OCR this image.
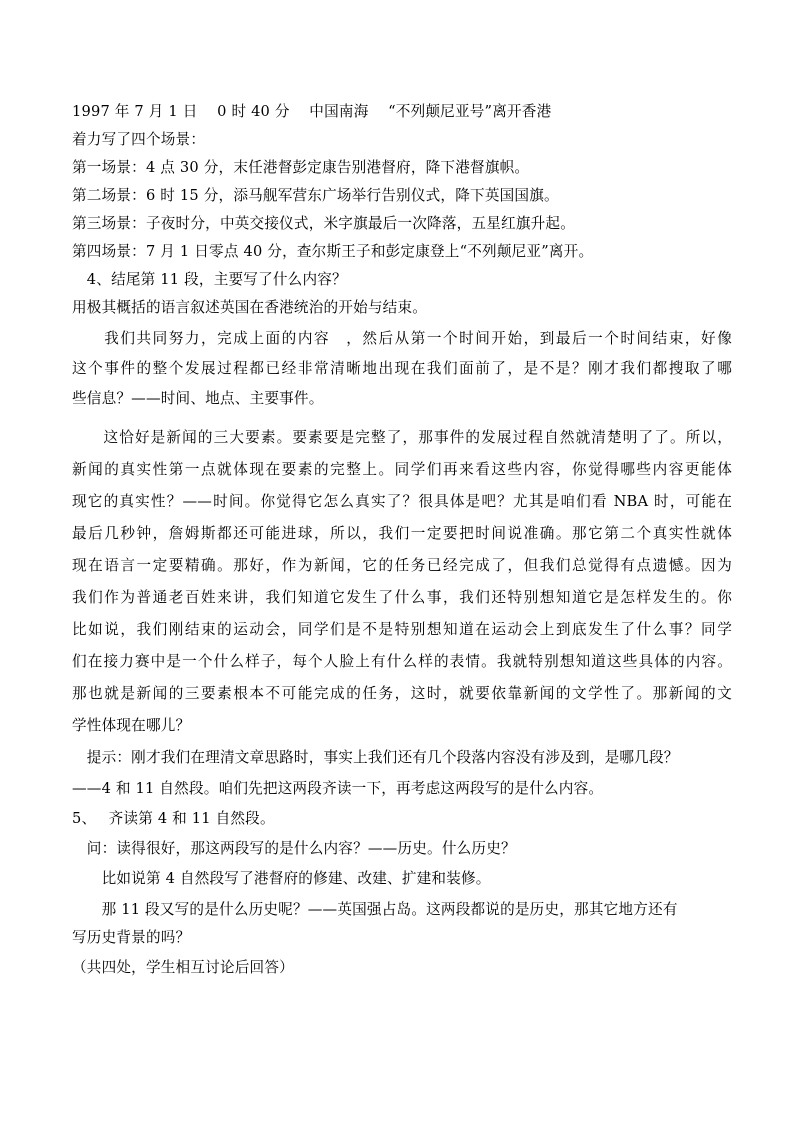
1997 年 7 月 1 日　 0 时 40 分　 中国南海　 “不列颠尼亚号”离开香港
着力写了四个场景：
第一场景：4 点 30 分，末任港督彭定康告别港督府，降下港督旗帜。
第二场景：6 时 15 分，添马舰军营东广场举行告别仪式，降下英国国旗。
第三场景：子夜时分，中英交接仪式，米字旗最后一次降落，五星红旗升起。
第四场景：7 月 1 日零点 40 分，查尔斯王子和彭定康登上“不列颠尼亚”离开。
　4、结尾第 11 段，主要写了什么内容？
用极其概括的语言叙述英国在香港统治的开始与结束。
　　我们共同努力，完成上面的内容　，然后从第一个时间开始，到最后一个时间结束，好像
这个事件的整个发展过程都已经非常清晰地出现在我们面前了，是不是？刚才我们都搜取了哪
些信息？——时间、地点、主要事件。
　　这恰好是新闻的三大要素。要素要是完整了，那事件的发展过程自然就清楚明了了。所以，
新闻的真实性第一点就体现在要素的完整上。同学们再来看这些内容，你觉得哪些内容更能体
现它的真实性？——时间。你觉得它怎么真实了？很具体是吧？尤其是咱们看 NBA 时，可能在
最后几秒钟，詹姆斯都还可能进球，所以，我们一定要把时间说准确。那它第二个真实性就体
现在语言一定要精确。那好，作为新闻，它的任务已经完成了，但我们总觉得有点遗憾。因为
我们作为普通老百姓来讲，我们知道它发生了什么事，我们还特别想知道它是怎样发生的。你
比如说，我们刚结束的运动会，同学们是不是特别想知道在运动会上到底发生了什么事？同学
们在接力赛中是一个什么样子，每个人脸上有什么样的表情。我就特别想知道这些具体的内容。
那也就是新闻的三要素根本不可能完成的任务，这时，就要依靠新闻的文学性了。那新闻的文
学性体现在哪儿？
　提示：刚才我们在理清文章思路时，事实上我们还有几个段落内容没有涉及到，是哪几段？
——4 和 11 自然段。咱们先把这两段齐读一下，再考虑这两段写的是什么内容。
5、　 齐读第 4 和 11 自然段。
　问：读得很好，那这两段写的是什么内容？——历史。什么历史？
　　比如说第 4 自然段写了港督府的修建、改建、扩建和装修。
　　那 11 段又写的是什么历史呢？——英国强占岛。这两段都说的是历史，那其它地方还有
写历史背景的吗？
（共四处，学生相互讨论后回答）
